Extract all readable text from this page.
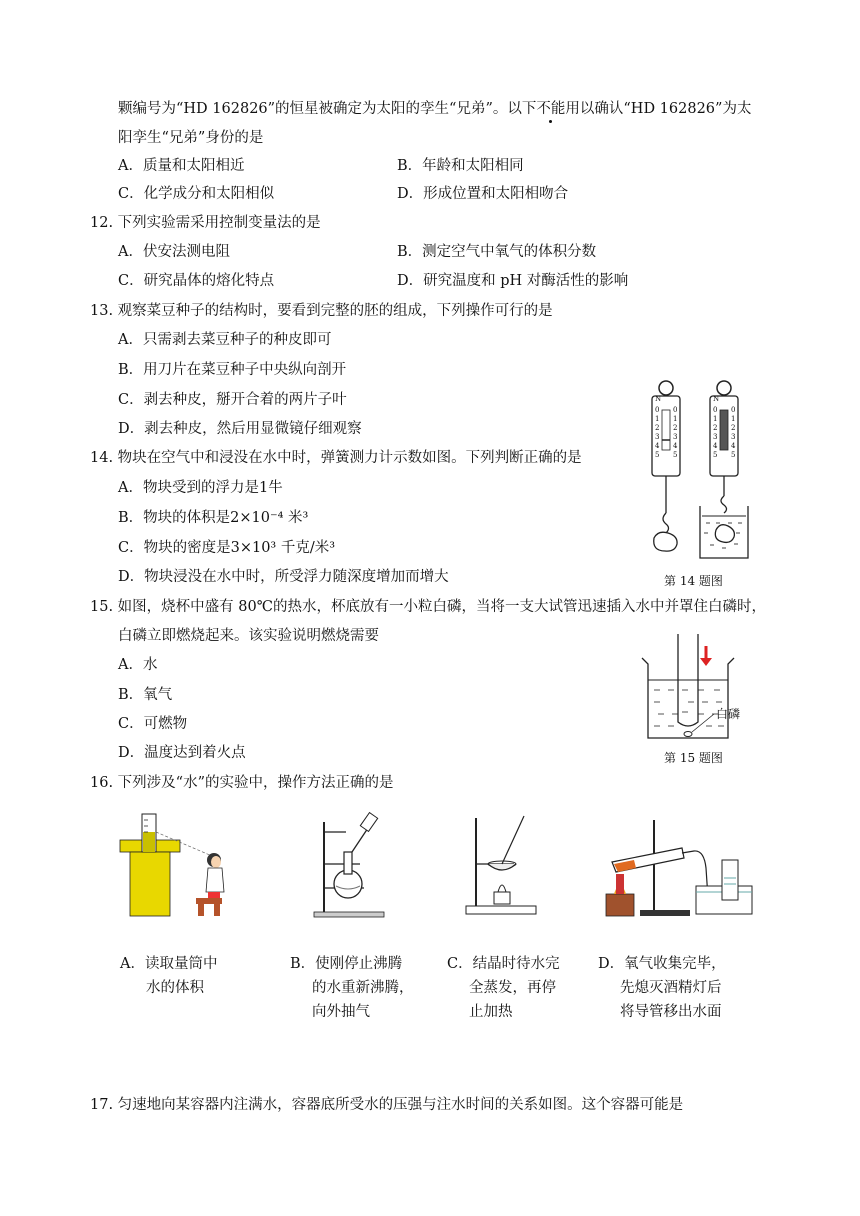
颗编号为“HD 162826”的恒星被确定为太阳的孪生“兄弟”。以下不能用以确认“HD 162826”为太
阳孪生“兄弟”身份的是
A．质量和太阳相近	B．年龄和太阳相同
C．化学成分和太阳相似	D．形成位置和太阳相吻合
12. 下列实验需采用控制变量法的是
A．伏安法测电阻	B．测定空气中氧气的体积分数
C．研究晶体的熔化特点	D．研究温度和 pH 对酶活性的影响
13. 观察菜豆种子的结构时，要看到完整的胚的组成，下列操作可行的是
A．只需剥去菜豆种子的种皮即可
B．用刀片在菜豆种子中央纵向剖开
C．剥去种皮，掰开合着的两片子叶
D．剥去种皮，然后用显微镜仔细观察
14. 物块在空气中和浸没在水中时，弹簧测力计示数如图。下列判断正确的是
A．物块受到的浮力是1牛
B．物块的体积是2×10⁻⁴ 米³
C．物块的密度是3×10³ 千克/米³
D．物块浸没在水中时，所受浮力随深度增加而增大
N	N
0 0	0 0
1 1	1 1
2 2	2 2
3 3	3 3
4 4	4 4
5 5	5 5
第 14 题图
15. 如图，烧杯中盛有 80℃的热水，杯底放有一小粒白磷，当将一支大试管迅速插入水中并罩住白磷时，
白磷立即燃烧起来。该实验说明燃烧需要
A．水
B．氧气
C．可燃物
D．温度达到着火点
白磷
第 15 题图
16. 下列涉及“水”的实验中，操作方法正确的是
A．读取量筒中
水的体积
B．使刚停止沸腾
的水重新沸腾，
向外抽气
C．结晶时待水完
全蒸发，再停
止加热
D．氧气收集完毕，
先熄灭酒精灯后
将导管移出水面
17. 匀速地向某容器内注满水，容器底所受水的压强与注水时间的关系如图。这个容器可能是
